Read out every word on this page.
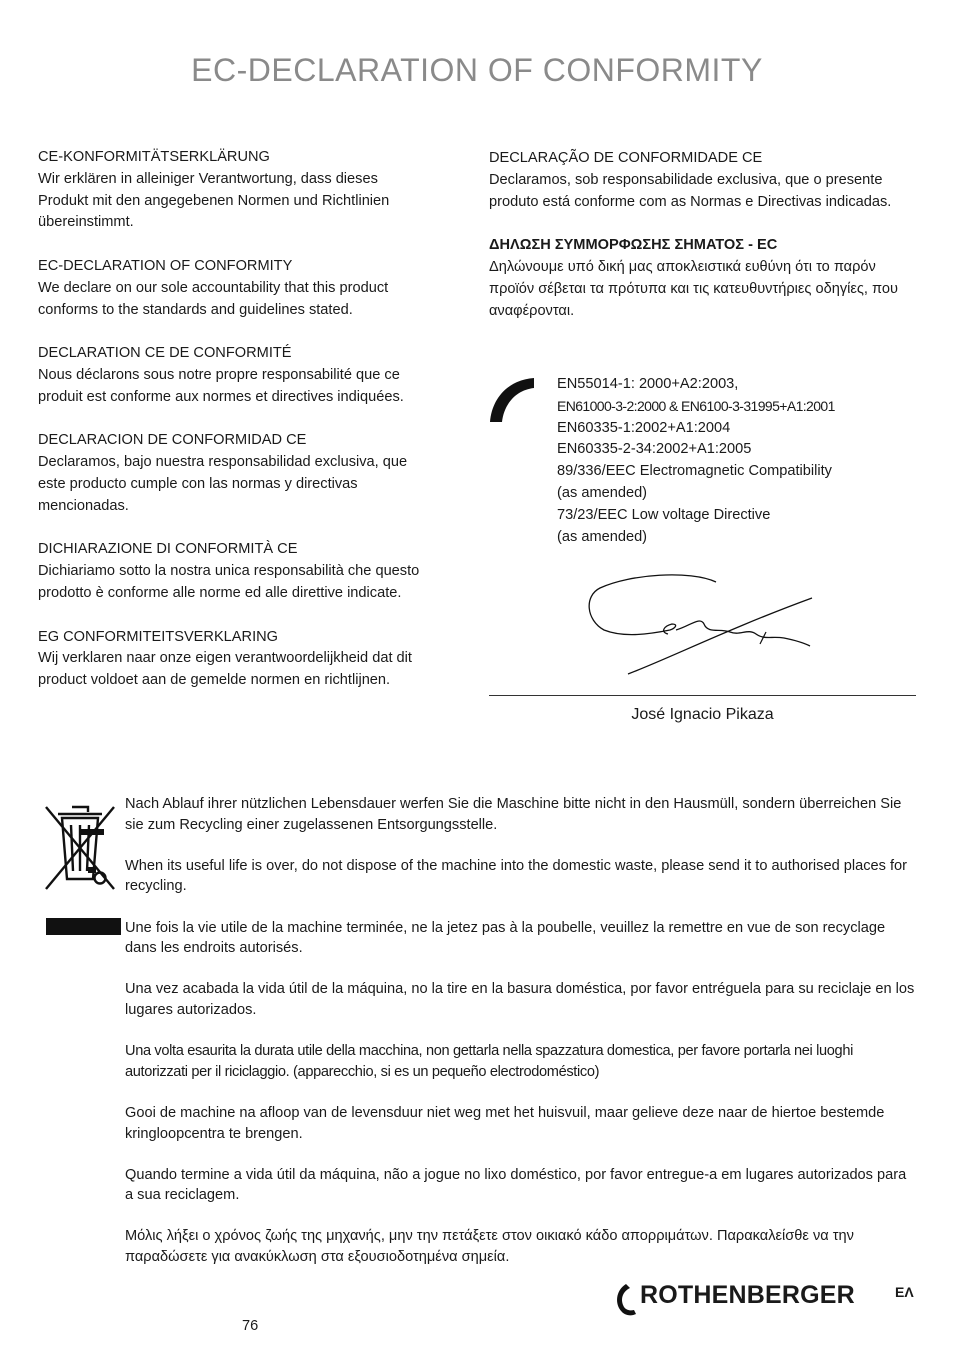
EC-DECLARATION OF CONFORMITY
CE-KONFORMITÄTSERKLÄRUNG
Wir erklären in alleiniger Verantwortung, dass dieses Produkt mit den angegebenen Normen und Richtlinien übereinstimmt.
EC-DECLARATION OF CONFORMITY
We declare on our sole accountability that this product conforms to the standards and guidelines stated.
DECLARATION CE DE CONFORMITÉ
Nous déclarons sous notre propre responsabilité que ce produit est conforme aux normes et directives indiquées.
DECLARACION DE CONFORMIDAD CE
Declaramos, bajo nuestra responsabilidad exclusiva, que este producto cumple con las normas y directivas mencionadas.
DICHIARAZIONE DI CONFORMITÀ CE
Dichiariamo sotto la nostra unica responsabilità che questo prodotto è conforme alle norme ed alle direttive indicate.
EG CONFORMITEITSVERKLARING
Wij verklaren naar onze eigen verantwoordelijkheid dat dit product voldoet aan de gemelde normen en richtlijnen.
DECLARAÇÃO DE CONFORMIDADE CE
Declaramos, sob responsabilidade exclusiva, que o presente produto está conforme com as Normas e Directivas indicadas.
ΔΗΛΩΣΗ ΣΥΜΜΟΡΦΩΣΗΣ ΣΗΜΑΤΟΣ - EC
Δηλώνουμε υπό δική μας αποκλειστικά ευθύνη ότι το παρόν προϊόν σέβεται τα πρότυπα και τις κατευθυντήριες οδηγίες, που αναφέρονται.
EN55014-1: 2000+A2:2003,
EN61000-3-2:2000 & EN6100-3-31995+A1:2001
EN60335-1:2002+A1:2004
EN60335-2-34:2002+A1:2005
89/336/EEC Electromagnetic Compatibility
(as amended)
73/23/EEC Low voltage Directive
(as amended)
José Ignacio Pikaza

Nach Ablauf ihrer nützlichen Lebensdauer werfen Sie die Maschine bitte nicht in den Hausmüll, sondern überreichen Sie sie zum Recycling einer zugelassenen Entsorgungsstelle.

When its useful life is over, do not dispose of the machine into the domestic waste, please send it to authorised places for recycling.

Une fois la vie utile de la machine terminée, ne la jetez pas à la poubelle, veuillez la remettre en vue de son recyclage dans les endroits autorisés.

Una vez acabada la vida útil de la máquina, no la tire en la basura doméstica, por favor entréguela para su reciclaje en los lugares autorizados.

Una volta esaurita la durata utile della macchina, non gettarla nella spazzatura domestica, per favore portarla nei luoghi autorizzati per il riciclaggio. (apparecchio, si es un pequeño electrodoméstico)

Gooi de machine na afloop van de levensduur niet weg met het huisvuil, maar gelieve deze naar de hiertoe bestemde kringloopcentra te brengen.

Quando termine a vida útil da máquina, não a jogue no lixo doméstico, por favor entregue-a em lugares autorizados para a sua reciclagem.

Μόλις λήξει ο χρόνος ζωής της μηχανής, μην την πετάξετε στον οικιακό κάδο απορριμάτων. Παρακαλείσθε να την παραδώσετε για ανακύκλωση στα εξουσιοδοτημένα σημεία.

ROTHENBERGER	ΕΛ
76
